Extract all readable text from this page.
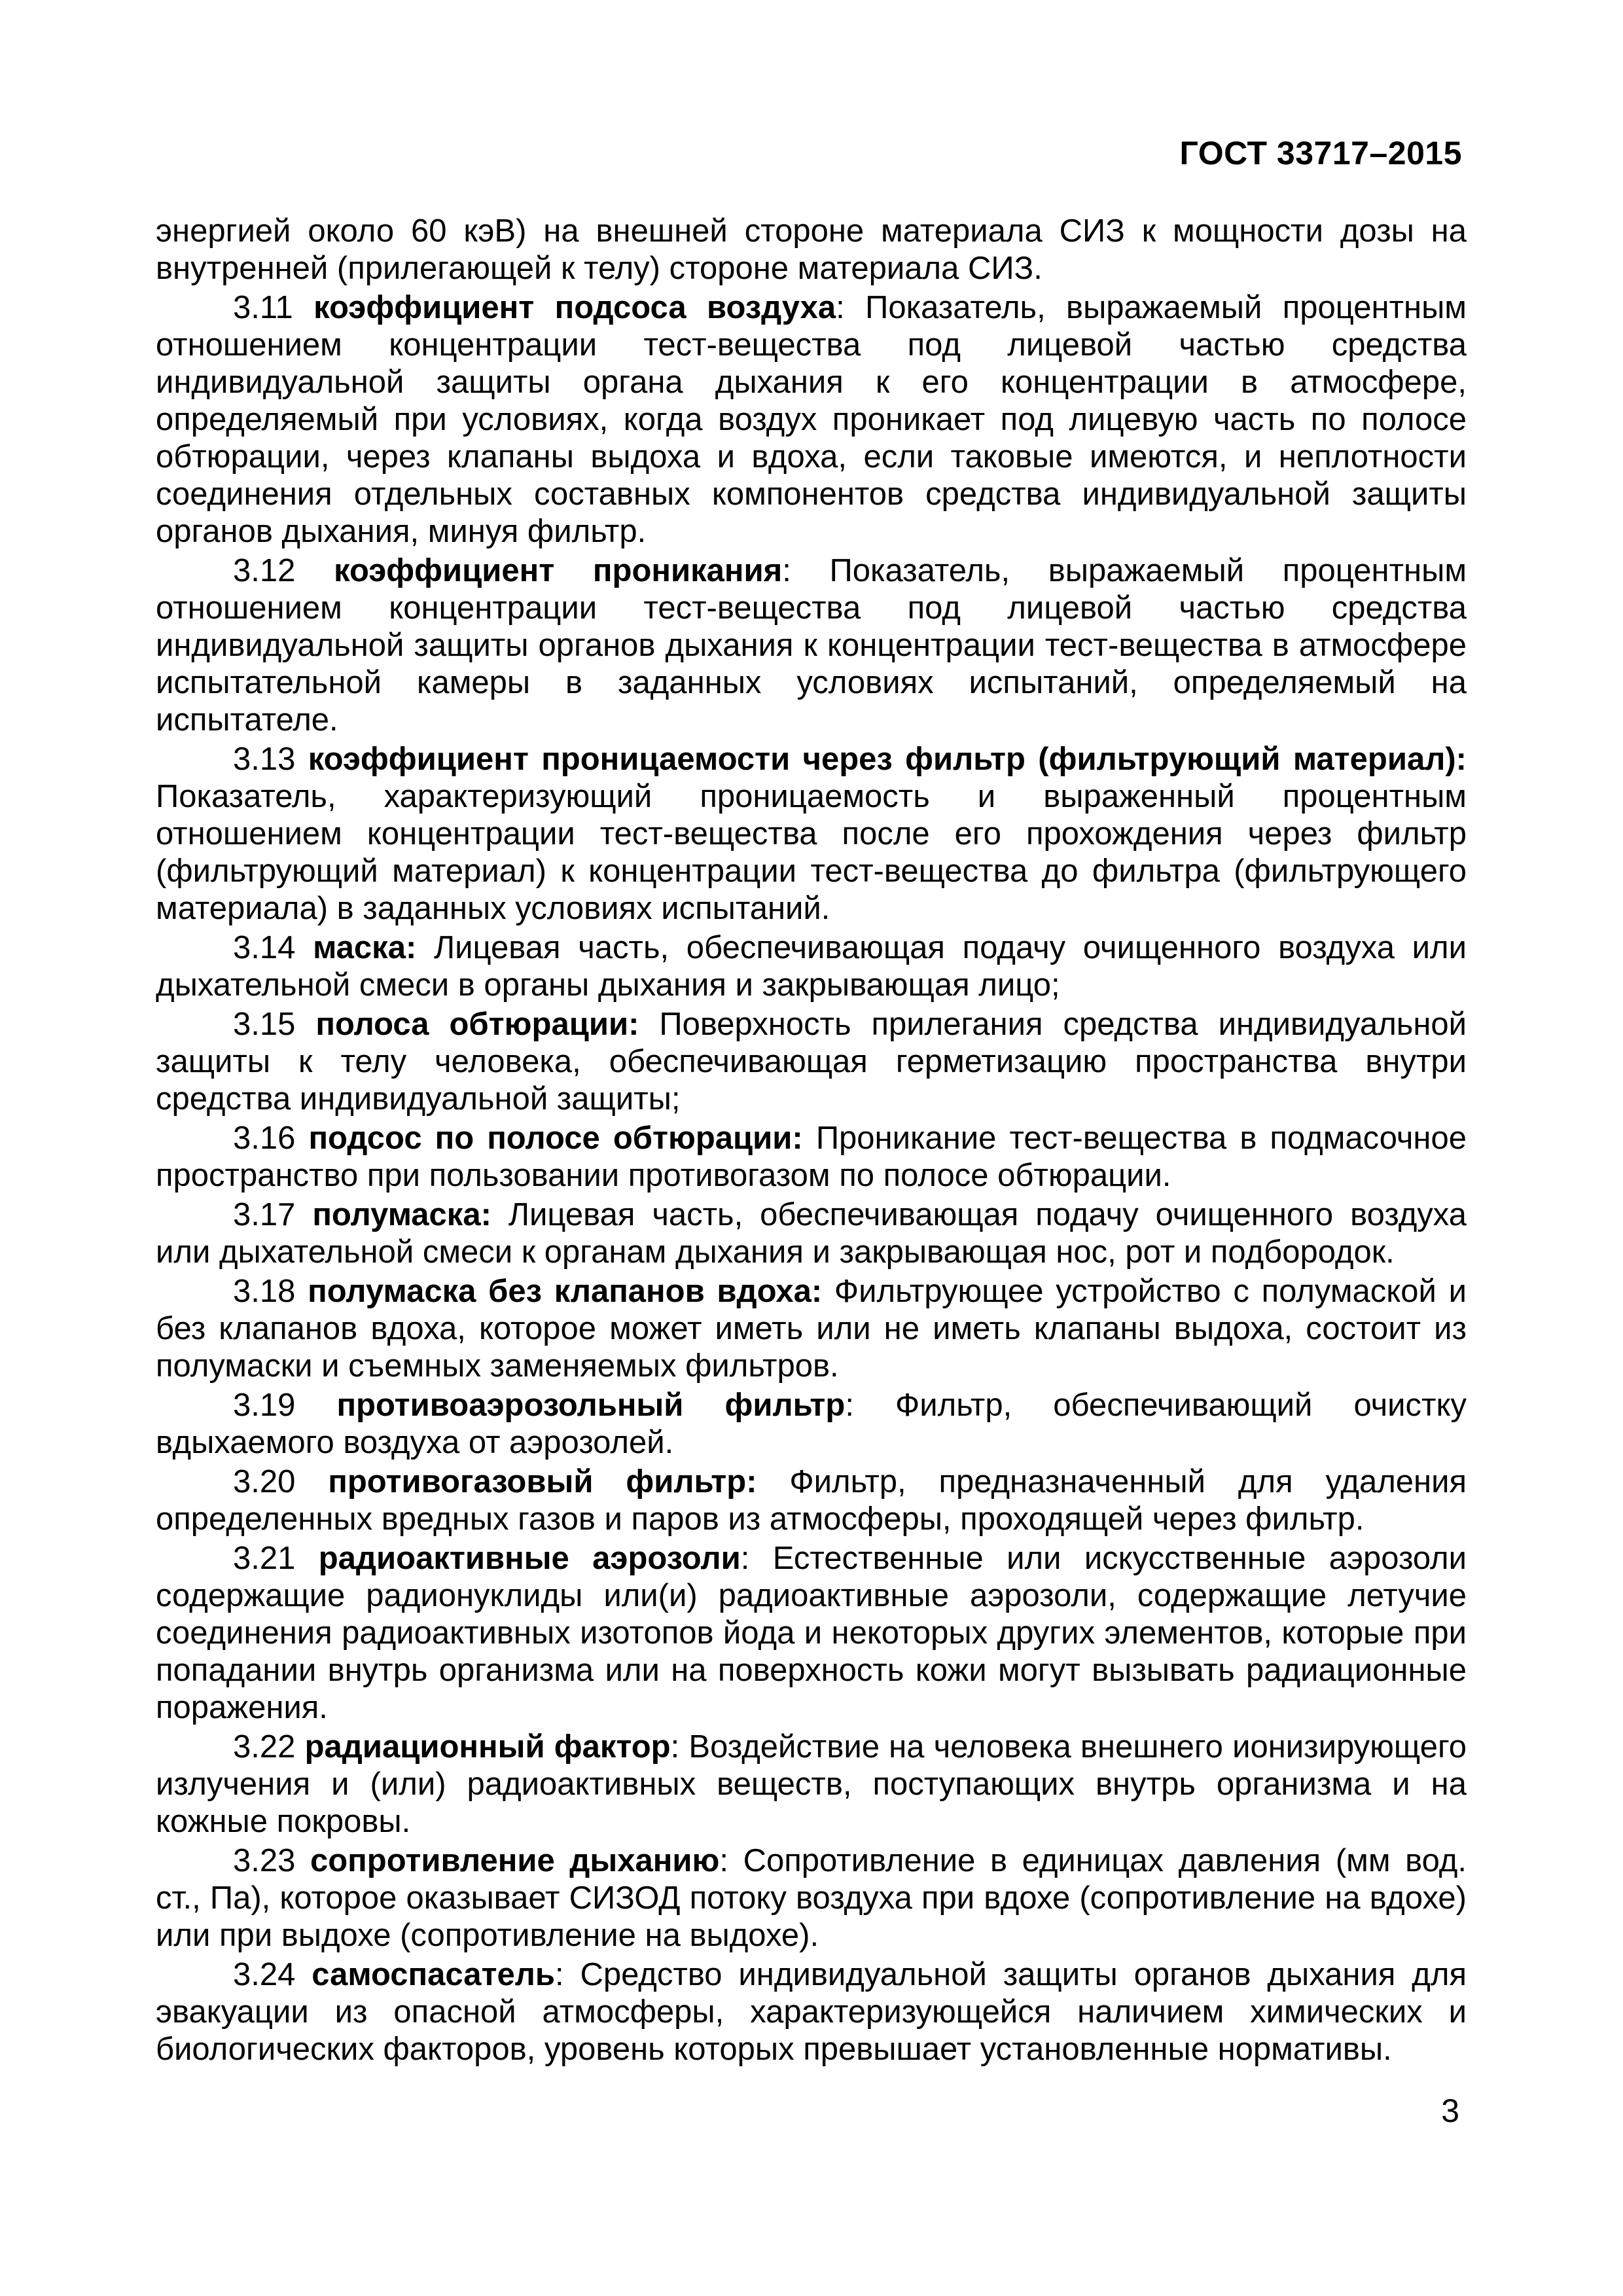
ГОСТ 33717–2015

энергией около 60 кэВ) на внешней стороне материала СИЗ к мощности дозы на внутренней (прилегающей к телу) стороне материала СИЗ.

3.11 коэффициент подсоса воздуха: Показатель, выражаемый процентным отношением концентрации тест-вещества под лицевой частью средства индивидуальной защиты органа дыхания к его концентрации в атмосфере, определяемый при условиях, когда воздух проникает под лицевую часть по полосе обтюрации, через клапаны выдоха и вдоха, если таковые имеются, и неплотности соединения отдельных составных компонентов средства индивидуальной защиты органов дыхания, минуя фильтр.

3.12 коэффициент проникания: Показатель, выражаемый процентным отношением концентрации тест-вещества под лицевой частью средства индивидуальной защиты органов дыхания к концентрации тест-вещества в атмосфере испытательной камеры в заданных условиях испытаний, определяемый на испытателе.

3.13 коэффициент проницаемости через фильтр (фильтрующий материал): Показатель, характеризующий проницаемость и выраженный процентным отношением концентрации тест-вещества после его прохождения через фильтр (фильтрующий материал) к концентрации тест-вещества до фильтра (фильтрующего материала) в заданных условиях испытаний.

3.14 маска: Лицевая часть, обеспечивающая подачу очищенного воздуха или дыхательной смеси в органы дыхания и закрывающая лицо;

3.15 полоса обтюрации: Поверхность прилегания средства индивидуальной защиты к телу человека, обеспечивающая герметизацию пространства внутри средства индивидуальной защиты;

3.16 подсос по полосе обтюрации: Проникание тест-вещества в подмасочное пространство при пользовании противогазом по полосе обтюрации.

3.17 полумаска: Лицевая часть, обеспечивающая подачу очищенного воздуха или дыхательной смеси к органам дыхания и закрывающая нос, рот и подбородок.

3.18 полумаска без клапанов вдоха: Фильтрующее устройство с полумаской и без клапанов вдоха, которое может иметь или не иметь клапаны выдоха, состоит из полумаски и съемных заменяемых фильтров.

3.19 противоаэрозольный фильтр: Фильтр, обеспечивающий очистку вдыхаемого воздуха от аэрозолей.

3.20 противогазовый фильтр: Фильтр, предназначенный для удаления определенных вредных газов и паров из атмосферы, проходящей через фильтр.

3.21 радиоактивные аэрозоли: Естественные или искусственные аэрозоли содержащие радионуклиды или(и) радиоактивные аэрозоли, содержащие летучие соединения радиоактивных изотопов йода и некоторых других элементов, которые при попадании внутрь организма или на поверхность кожи могут вызывать радиационные поражения.

3.22 радиационный фактор: Воздействие на человека внешнего ионизирующего излучения и (или) радиоактивных веществ, поступающих внутрь организма и на кожные покровы.

3.23 сопротивление дыханию: Сопротивление в единицах давления (мм вод. ст., Па), которое оказывает СИЗОД потоку воздуха при вдохе (сопротивление на вдохе) или при выдохе (сопротивление на выдохе).

3.24 самоспасатель: Средство индивидуальной защиты органов дыхания для эвакуации из опасной атмосферы, характеризующейся наличием химических и биологических факторов, уровень которых превышает установленные нормативы.

3
